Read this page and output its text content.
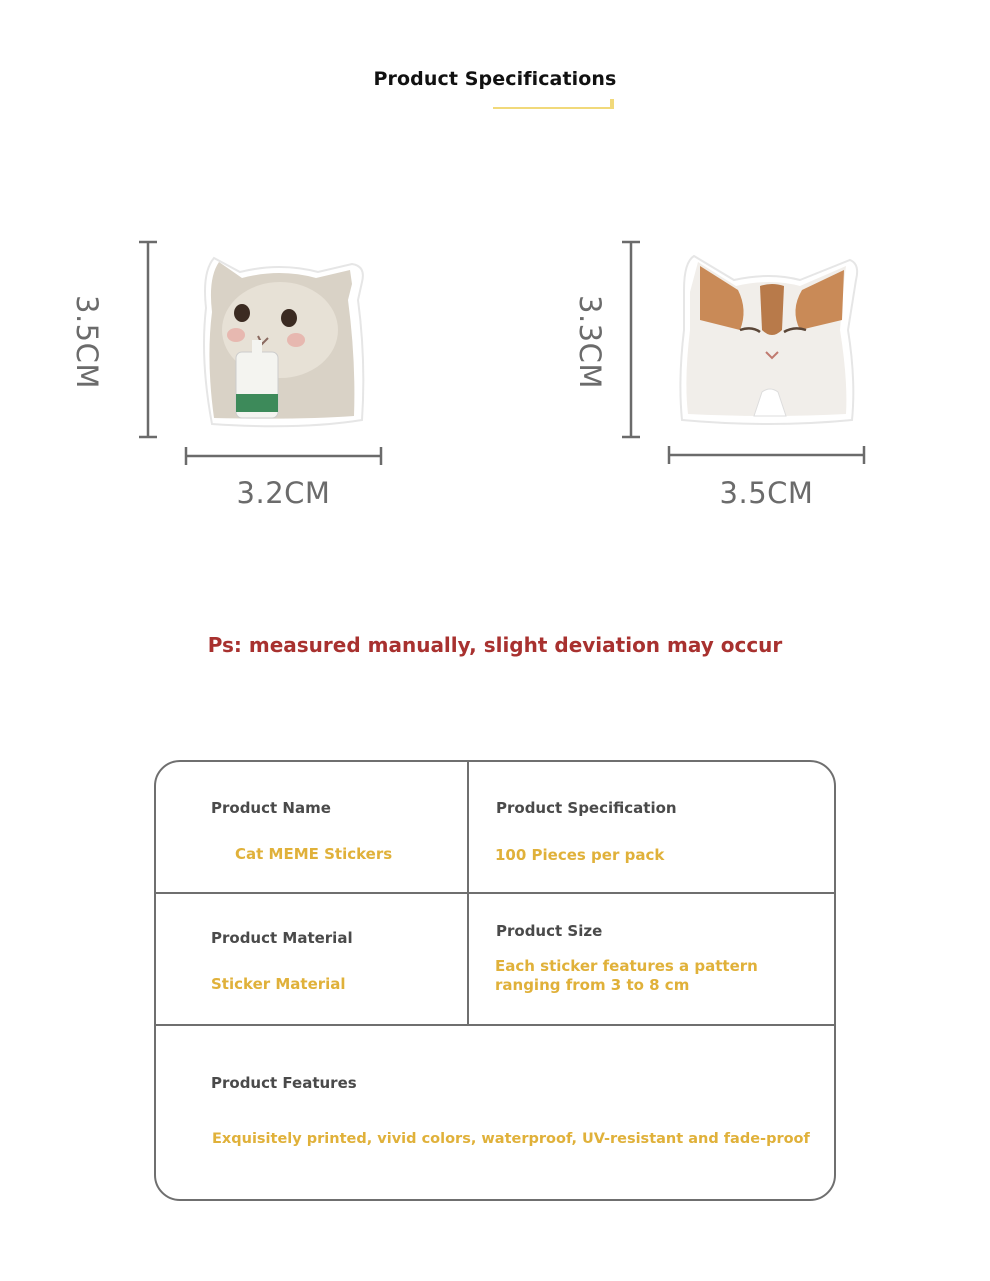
Product Specifications
3.5CM
3.2CM
3.3CM
3.5CM
Ps: measured manually, slight deviation may occur
Product Name
Cat MEME Stickers
Product Specification
100 Pieces per pack
Product Material
Sticker Material
Product Size
Each sticker features a pattern
ranging from 3 to 8 cm
Product Features
Exquisitely printed, vivid colors, waterproof, UV-resistant and fade-proof
